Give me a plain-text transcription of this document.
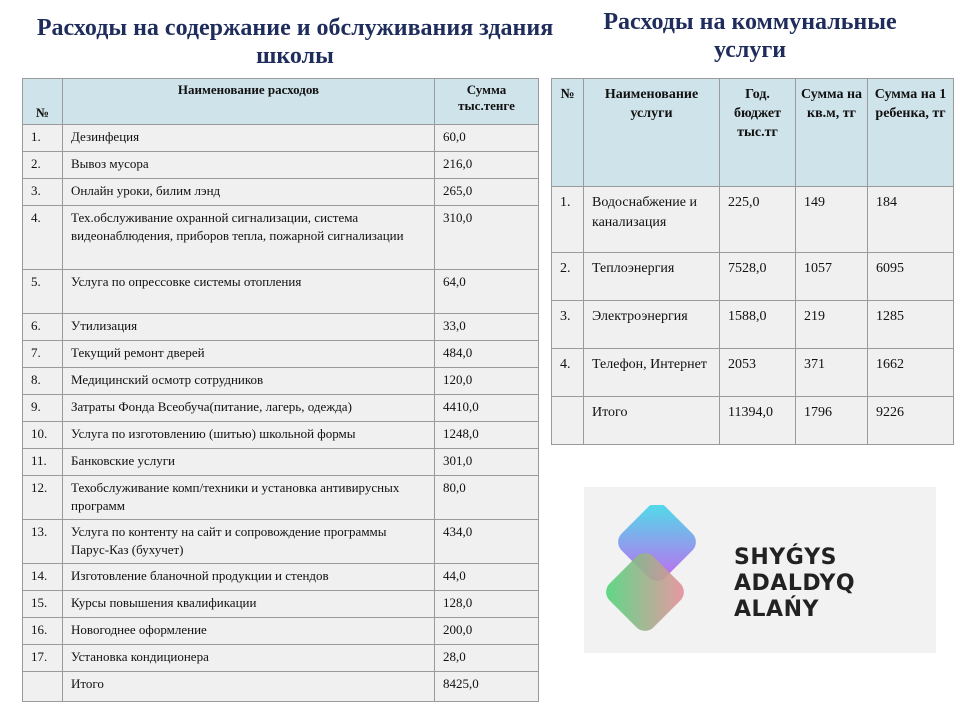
Расходы на содержание и обслуживания здания школы
Расходы на коммунальные услуги
№	Наименование расходов	Сумма тыс.тенге
1.	Дезинфеция	60,0
2.	Вывоз мусора	216,0
3.	Онлайн уроки, билим лэнд	265,0
4.	Тех.обслуживание охранной сигнализации, система видеонаблюдения, приборов тепла, пожарной сигнализации	310,0
5.	Услуга по опрессовке системы отопления	64,0
6.	Утилизация	33,0
7.	Текущий ремонт дверей	484,0
8.	Медицинский осмотр сотрудников	120,0
9.	Затраты Фонда Всеобуча(питание, лагерь, одежда)	4410,0
10.	Услуга по изготовлению (шитью) школьной формы	1248,0
11.	Банковские услуги	301,0
12.	Техобслуживание комп/техники и установка антивирусных программ	80,0
13.	Услуга по контенту на сайт и сопровождение программы Парус-Каз (бухучет)	434,0
14.	Изготовление бланочной продукции и стендов	44,0
15.	Курсы повышения квалификации	128,0
16.	Новогоднее оформление	200,0
17.	Установка кондиционера	28,0
	Итого	8425,0
№	Наименование услуги	Год. бюджет тыс.тг	Сумма на кв.м, тг	Сумма на 1 ребенка, тг
1.	Водоснабжение и канализация	225,0	149	184
2.	Теплоэнергия	7528,0	1057	6095
3.	Электроэнергия	1588,0	219	1285
4.	Телефон, Интернет	2053	371	1662
	Итого	11394,0	1796	9226
SHYǴYS
ADALDYQ ALAŃY
